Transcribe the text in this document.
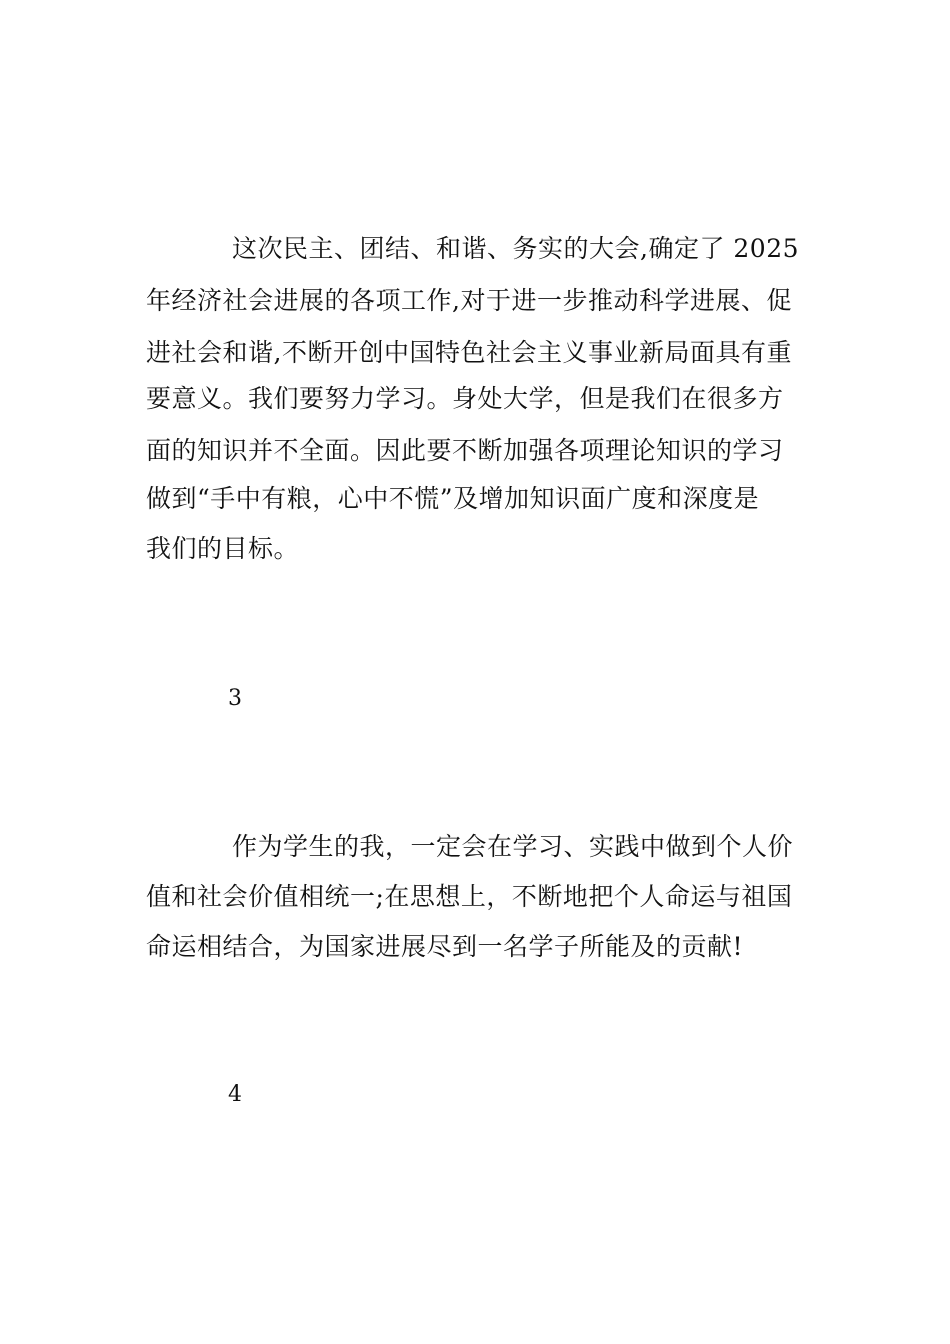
这次民主、团结、和谐、务实的大会,确定了 2025
年经济社会进展的各项工作,对于进一步推动科学进展、促
进社会和谐,不断开创中国特色社会主义事业新局面具有重
要意义。我们要努力学习。身处大学，但是我们在很多方
面的知识并不全面。因此要不断加强各项理论知识的学习
做到“手中有粮，心中不慌”及增加知识面广度和深度是
我们的目标。
3
作为学生的我，一定会在学习、实践中做到个人价
值和社会价值相统一;在思想上，不断地把个人命运与祖国
命运相结合，为国家进展尽到一名学子所能及的贡献!
4
